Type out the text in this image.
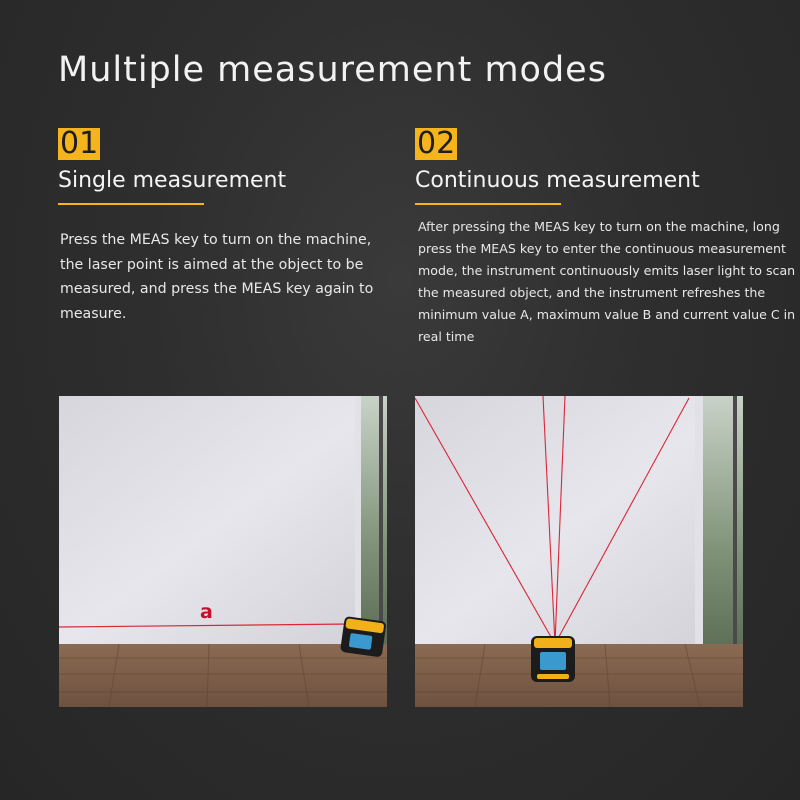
Multiple measurement modes
01
Single measurement
02
Continuous measurement
Press the MEAS key to turn on the machine, the laser point is aimed at the object to be measured, and press the MEAS key again to measure.
After pressing the MEAS key to turn on the machine, long press the MEAS key to enter the continuous measurement mode, the instrument continuously emits laser light to scan the measured object, and the instrument refreshes the minimum value A, maximum value B and current value C in real time
a
